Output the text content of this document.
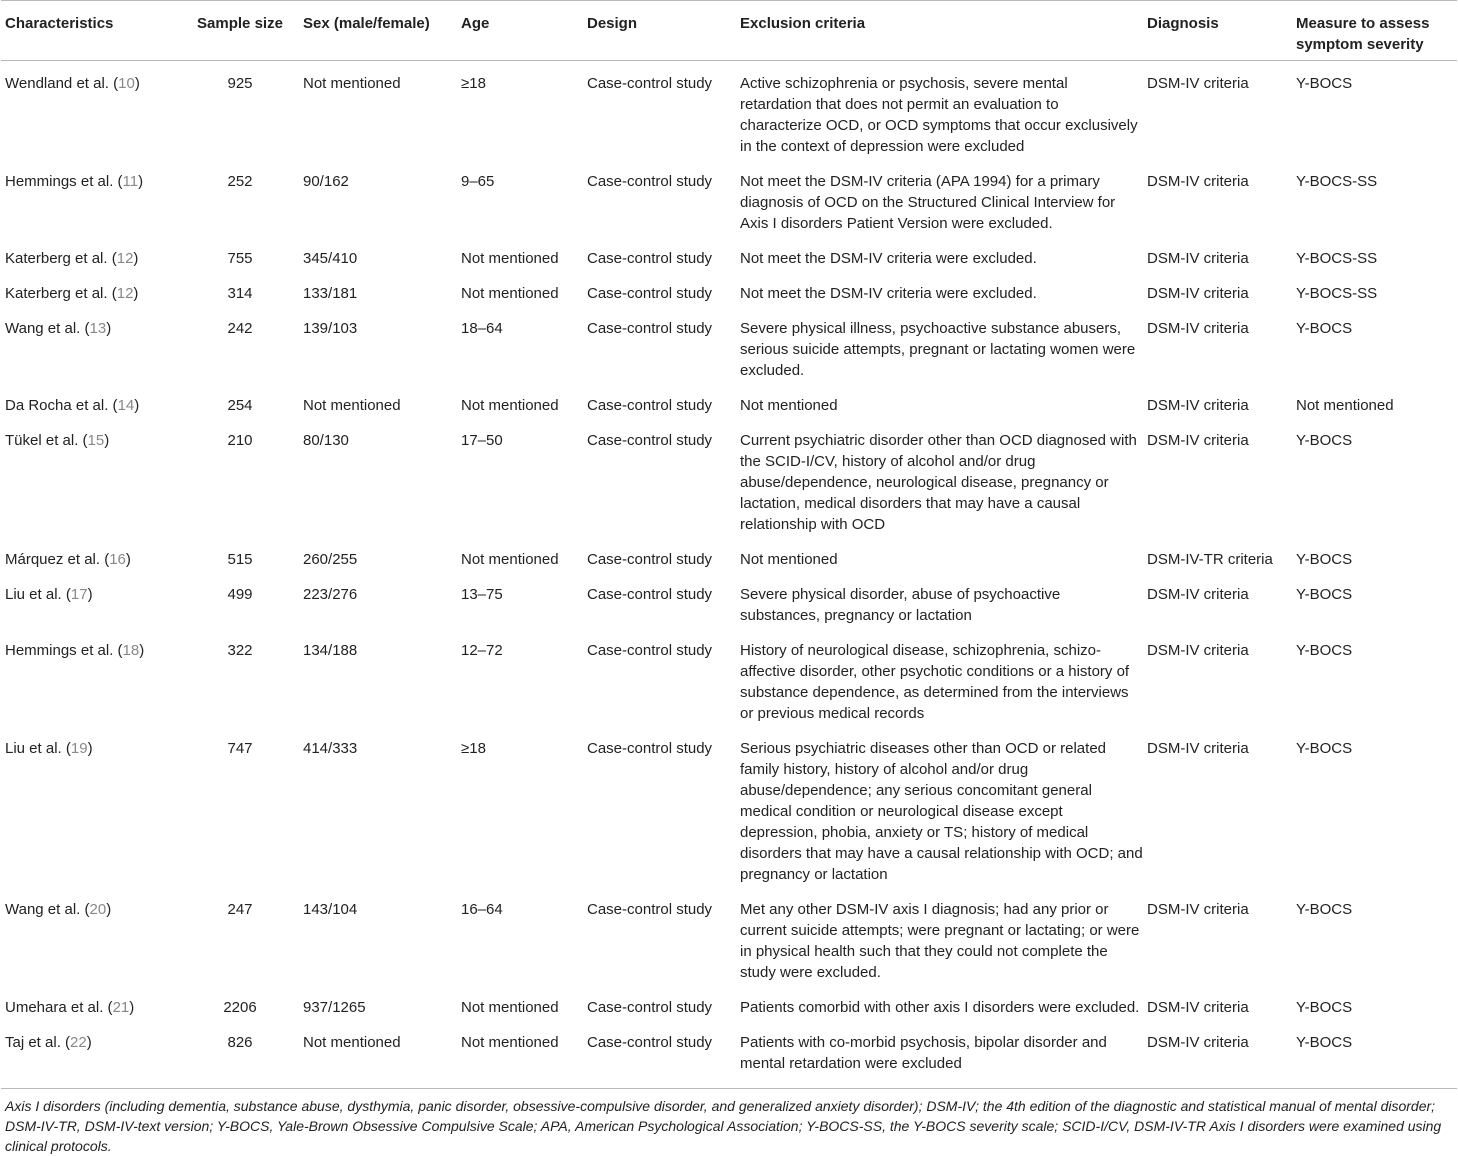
Characteristics	Sample size	Sex (male/female)	Age	Design	Exclusion criteria	Diagnosis	Measure to assess symptom severity
Wendland et al. (10)	925	Not mentioned	≥18	Case-control study	Active schizophrenia or psychosis, severe mental retardation that does not permit an evaluation to characterize OCD, or OCD symptoms that occur exclusively in the context of depression were excluded	DSM-IV criteria	Y-BOCS
Hemmings et al. (11)	252	90/162	9–65	Case-control study	Not meet the DSM-IV criteria (APA 1994) for a primary diagnosis of OCD on the Structured Clinical Interview for Axis I disorders Patient Version were excluded.	DSM-IV criteria	Y-BOCS-SS
Katerberg et al. (12)	755	345/410	Not mentioned	Case-control study	Not meet the DSM-IV criteria were excluded.	DSM-IV criteria	Y-BOCS-SS
Katerberg et al. (12)	314	133/181	Not mentioned	Case-control study	Not meet the DSM-IV criteria were excluded.	DSM-IV criteria	Y-BOCS-SS
Wang et al. (13)	242	139/103	18–64	Case-control study	Severe physical illness, psychoactive substance abusers, serious suicide attempts, pregnant or lactating women were excluded.	DSM-IV criteria	Y-BOCS
Da Rocha et al. (14)	254	Not mentioned	Not mentioned	Case-control study	Not mentioned	DSM-IV criteria	Not mentioned
Tükel et al. (15)	210	80/130	17–50	Case-control study	Current psychiatric disorder other than OCD diagnosed with the SCID-I/CV, history of alcohol and/or drug abuse/dependence, neurological disease, pregnancy or lactation, medical disorders that may have a causal relationship with OCD	DSM-IV criteria	Y-BOCS
Márquez et al. (16)	515	260/255	Not mentioned	Case-control study	Not mentioned	DSM-IV-TR criteria	Y-BOCS
Liu et al. (17)	499	223/276	13–75	Case-control study	Severe physical disorder, abuse of psychoactive substances, pregnancy or lactation	DSM-IV criteria	Y-BOCS
Hemmings et al. (18)	322	134/188	12–72	Case-control study	History of neurological disease, schizophrenia, schizo-affective disorder, other psychotic conditions or a history of substance dependence, as determined from the interviews or previous medical records	DSM-IV criteria	Y-BOCS
Liu et al. (19)	747	414/333	≥18	Case-control study	Serious psychiatric diseases other than OCD or related family history, history of alcohol and/or drug abuse/dependence; any serious concomitant general medical condition or neurological disease except depression, phobia, anxiety or TS; history of medical disorders that may have a causal relationship with OCD; and pregnancy or lactation	DSM-IV criteria	Y-BOCS
Wang et al. (20)	247	143/104	16–64	Case-control study	Met any other DSM-IV axis I diagnosis; had any prior or current suicide attempts; were pregnant or lactating; or were in physical health such that they could not complete the study were excluded.	DSM-IV criteria	Y-BOCS
Umehara et al. (21)	2206	937/1265	Not mentioned	Case-control study	Patients comorbid with other axis I disorders were excluded.	DSM-IV criteria	Y-BOCS
Taj et al. (22)	826	Not mentioned	Not mentioned	Case-control study	Patients with co-morbid psychosis, bipolar disorder and mental retardation were excluded	DSM-IV criteria	Y-BOCS
Axis I disorders (including dementia, substance abuse, dysthymia, panic disorder, obsessive-compulsive disorder, and generalized anxiety disorder); DSM-IV; the 4th edition of the diagnostic and statistical manual of mental disorder; DSM-IV-TR, DSM-IV-text version; Y-BOCS, Yale-Brown Obsessive Compulsive Scale; APA, American Psychological Association; Y-BOCS-SS, the Y-BOCS severity scale; SCID-I/CV, DSM-IV-TR Axis I disorders were examined using clinical protocols.
